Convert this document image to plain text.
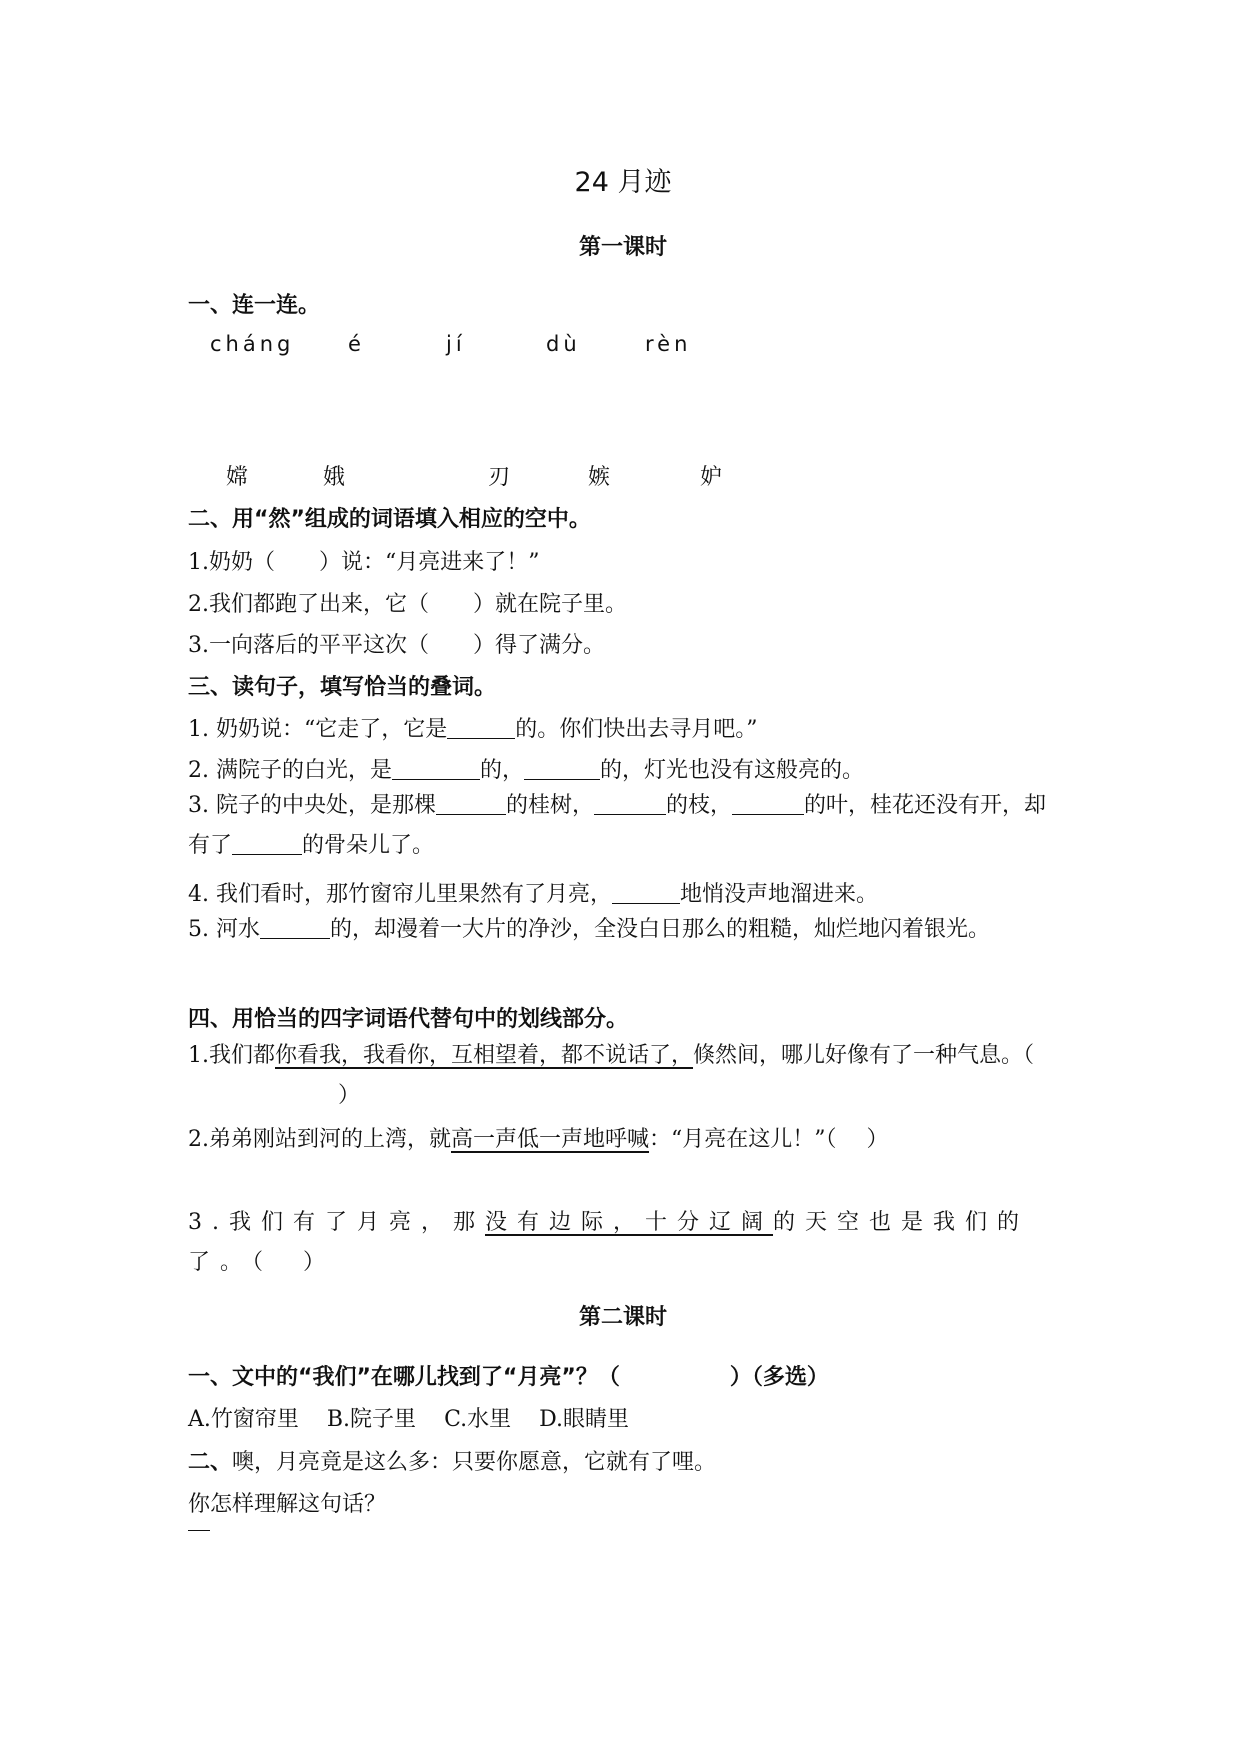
24 月迹
第一课时
一、连一连。
cháng	é	jí	dù	rèn
嫦	娥	刃	嫉	妒
二、用“然”组成的词语填入相应的空中。
1.奶奶（ ）说：“月亮进来了！”
2.我们都跑了出来，它（ ）就在院子里。
3.一向落后的平平这次（ ）得了满分。
三、读句子，填写恰当的叠词。
1. 奶奶说：“它走了，它是	的。你们快出去寻月吧。”
2. 满院子的白光，是	的，	的，灯光也没有这般亮的。
3. 院子的中央处，是那棵	的桂树，	的枝，	的叶，桂花还没有开，却有了	的骨朵儿了。
4. 我们看时，那竹窗帘儿里果然有了月亮，	地悄没声地溜进来。
5. 河水	的，却漫着一大片的净沙，全没白日那么的粗糙，灿烂地闪着银光。
四、用恰当的四字词语代替句中的划线部分。
1.我们都你看我，我看你，互相望着，都不说话了，倏然间，哪儿好像有了一种气息。（）
2.弟弟刚站到河的上湾，就高一声低一声地呼喊：“月亮在这儿！”（ ）
3.我们有了月亮，那没有边际，十分辽阔的天空也是我们的了。（ ）
第二课时
一、文中的“我们”在哪儿找到了“月亮”？（	）（多选）
A.竹窗帘里 B.院子里 C.水里 D.眼睛里
二、噢，月亮竟是这么多：只要你愿意，它就有了哩。
你怎样理解这句话？
